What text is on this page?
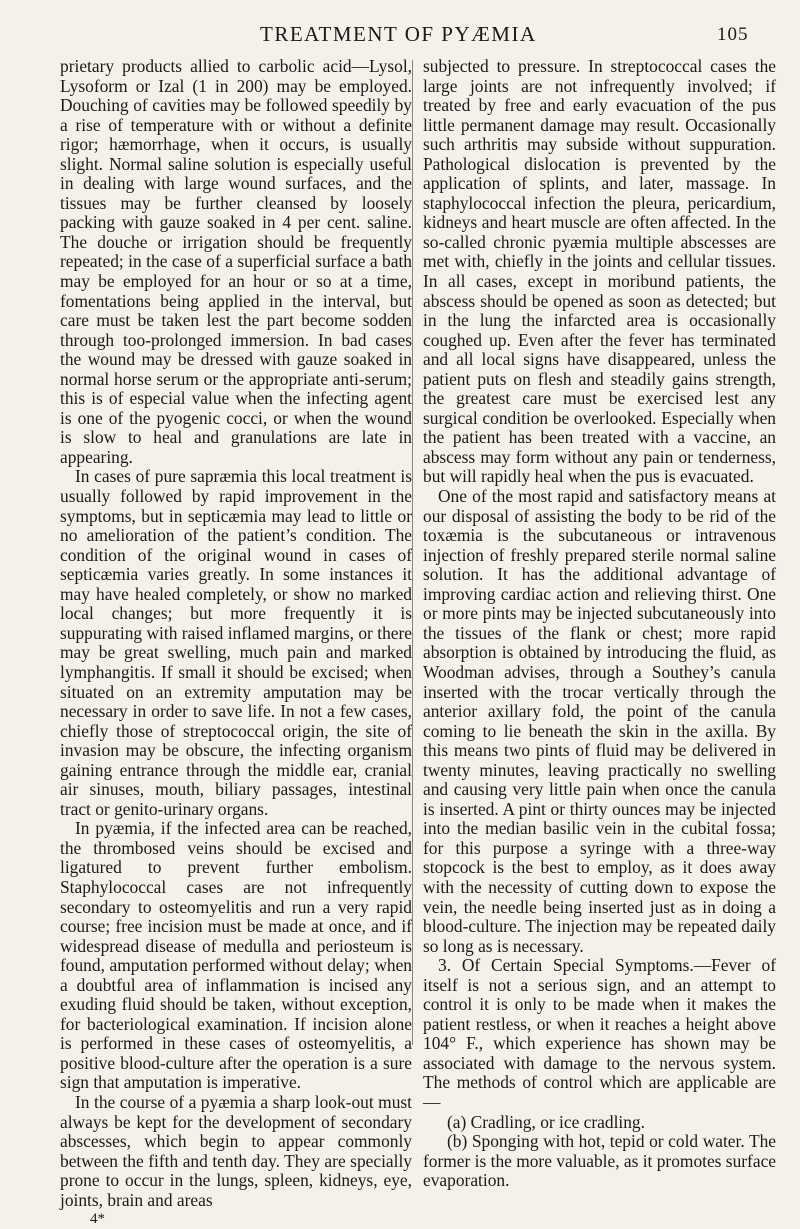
TREATMENT OF PYÆMIA	105

prietary products allied to carbolic acid—Lysol, Lysoform or Izal (1 in 200) may be employed. Douching of cavities may be followed speedily by a rise of temperature with or without a definite rigor; hæmorrhage, when it occurs, is usually slight. Normal saline solution is especially useful in dealing with large wound surfaces, and the tissues may be further cleansed by loosely packing with gauze soaked in 4 per cent. saline. The douche or irrigation should be frequently repeated; in the case of a superficial surface a bath may be employed for an hour or so at a time, fomentations being applied in the interval, but care must be taken lest the part become sodden through too-prolonged immersion. In bad cases the wound may be dressed with gauze soaked in normal horse serum or the appropriate anti-serum; this is of especial value when the infecting agent is one of the pyogenic cocci, or when the wound is slow to heal and granulations are late in appearing.

In cases of pure sapræmia this local treatment is usually followed by rapid improvement in the symptoms, but in septicæmia may lead to little or no amelioration of the patient’s condition. The condition of the original wound in cases of septicæmia varies greatly. In some instances it may have healed completely, or show no marked local changes; but more frequently it is suppurating with raised inflamed margins, or there may be great swelling, much pain and marked lymphangitis. If small it should be excised; when situated on an extremity amputation may be necessary in order to save life. In not a few cases, chiefly those of streptococcal origin, the site of invasion may be obscure, the infecting organism gaining entrance through the middle ear, cranial air sinuses, mouth, biliary passages, intestinal tract or genito-urinary organs.

In pyæmia, if the infected area can be reached, the thrombosed veins should be excised and ligatured to prevent further embolism. Staphylococcal cases are not infrequently secondary to osteomyelitis and run a very rapid course; free incision must be made at once, and if widespread disease of medulla and periosteum is found, amputation performed without delay; when a doubtful area of inflammation is incised any exuding fluid should be taken, without exception, for bacteriological examination. If incision alone is performed in these cases of osteomyelitis, a positive blood-culture after the operation is a sure sign that amputation is imperative.

In the course of a pyæmia a sharp look-out must always be kept for the development of secondary abscesses, which begin to appear commonly between the fifth and tenth day. They are specially prone to occur in the lungs, spleen, kidneys, eye, joints, brain and areas

4*

subjected to pressure. In streptococcal cases the large joints are not infrequently involved; if treated by free and early evacuation of the pus little permanent damage may result. Occasionally such arthritis may subside without suppuration. Pathological dislocation is prevented by the application of splints, and later, massage. In staphylococcal infection the pleura, pericardium, kidneys and heart muscle are often affected. In the so-called chronic pyæmia multiple abscesses are met with, chiefly in the joints and cellular tissues. In all cases, except in moribund patients, the abscess should be opened as soon as detected; but in the lung the infarcted area is occasionally coughed up. Even after the fever has terminated and all local signs have disappeared, unless the patient puts on flesh and steadily gains strength, the greatest care must be exercised lest any surgical condition be overlooked. Especially when the patient has been treated with a vaccine, an abscess may form without any pain or tenderness, but will rapidly heal when the pus is evacuated.

One of the most rapid and satisfactory means at our disposal of assisting the body to be rid of the toxæmia is the subcutaneous or intravenous injection of freshly prepared sterile normal saline solution. It has the additional advantage of improving cardiac action and relieving thirst. One or more pints may be injected subcutaneously into the tissues of the flank or chest; more rapid absorption is obtained by introducing the fluid, as Woodman advises, through a Southey’s canula inserted with the trocar vertically through the anterior axillary fold, the point of the canula coming to lie beneath the skin in the axilla. By this means two pints of fluid may be delivered in twenty minutes, leaving practically no swelling and causing very little pain when once the canula is inserted. A pint or thirty ounces may be injected into the median basilic vein in the cubital fossa; for this purpose a syringe with a three-way stopcock is the best to employ, as it does away with the necessity of cutting down to expose the vein, the needle being inserted just as in doing a blood-culture. The injection may be repeated daily so long as is necessary.

3. Of Certain Special Symptoms.—Fever of itself is not a serious sign, and an attempt to control it is only to be made when it makes the patient restless, or when it reaches a height above 104° F., which experience has shown may be associated with damage to the nervous system. The methods of control which are applicable are—

(a) Cradling, or ice cradling.

(b) Sponging with hot, tepid or cold water. The former is the more valuable, as it promotes surface evaporation.
